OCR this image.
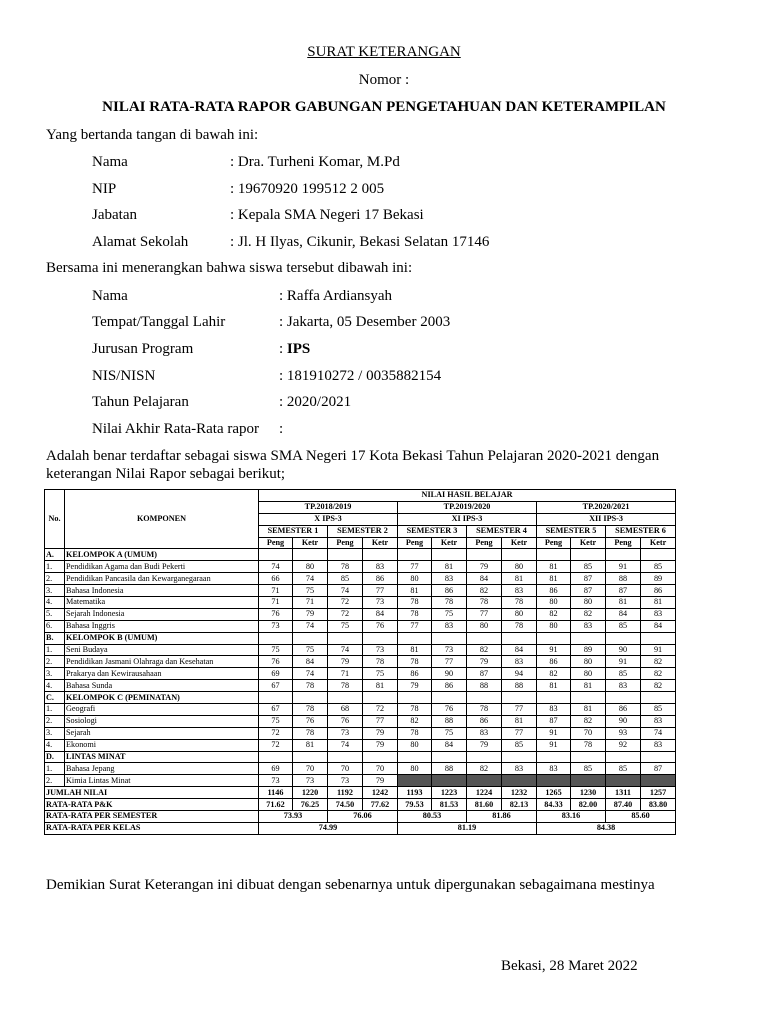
SURAT KETERANGAN
Nomor :
NILAI RATA-RATA RAPOR GABUNGAN PENGETAHUAN DAN KETERAMPILAN
Yang bertanda tangan di bawah ini:
Nama	: Dra. Turheni Komar, M.Pd
NIP	: 19670920 199512 2 005
Jabatan	: Kepala SMA Negeri 17 Bekasi
Alamat Sekolah	: Jl. H Ilyas, Cikunir, Bekasi Selatan 17146
Bersama ini menerangkan bahwa siswa tersebut dibawah ini:
Nama	: Raffa Ardiansyah
Tempat/Tanggal Lahir	: Jakarta, 05 Desember 2003
Jurusan Program	: IPS
NIS/NISN	: 181910272 / 0035882154
Tahun Pelajaran	: 2020/2021
Nilai Akhir Rata-Rata rapor :
Adalah benar terdaftar sebagai siswa SMA Negeri 17 Kota Bekasi Tahun Pelajaran 2020-2021 dengan
keterangan Nilai Rapor sebagai berikut;
No.	KOMPONEN	NILAI HASIL BELAJAR											
		TP.2018/2019				TP.2019/2020				TP.2020/2021			
		X IPS-3				XI IPS-3				XII IPS-3			
		SEMESTER 1		SEMESTER 2		SEMESTER 3		SEMESTER 4		SEMESTER 5		SEMESTER 6	
		Peng	Ketr	Peng	Ketr	Peng	Ketr	Peng	Ketr	Peng	Ketr	Peng	Ketr
A.	KELOMPOK A (UMUM)												
1.	Pendidikan Agama dan Budi Pekerti	74	80	78	83	77	81	79	80	81	85	91	85
2.	Pendidikan Pancasila dan Kewarganegaraan	66	74	85	86	80	83	84	81	81	87	88	89
3.	Bahasa Indonesia	71	75	74	77	81	86	82	83	86	87	87	86
4.	Matematika	71	71	72	73	78	78	78	78	80	80	81	81
5.	Sejarah Indonesia	76	79	72	84	78	75	77	80	82	82	84	83
6.	Bahasa Inggris	73	74	75	76	77	83	80	78	80	83	85	84
B.	KELOMPOK B (UMUM)												
1.	Seni Budaya	75	75	74	73	81	73	82	84	91	89	90	91
2.	Pendidikan Jasmani Olahraga dan Kesehatan	76	84	79	78	78	77	79	83	86	80	91	82
3.	Prakarya dan Kewirausahaan	69	74	71	75	86	90	87	94	82	80	85	82
4.	Bahasa Sunda	67	78	78	81	79	86	88	88	81	81	83	82
C.	KELOMPOK C (PEMINATAN)												
1.	Geografi	67	78	68	72	78	76	78	77	83	81	86	85
2.	Sosiologi	75	76	76	77	82	88	86	81	87	82	90	83
3.	Sejarah	72	78	73	79	78	75	83	77	91	70	93	74
4.	Ekonomi	72	81	74	79	80	84	79	85	91	78	92	83
D.	LINTAS MINAT												
1.	Bahasa Jepang	69	70	70	70	80	88	82	83	83	85	85	87
2.	Kimia Lintas Minat	73	73	73	79								
JUMLAH NILAI		1146	1220	1192	1242	1193	1223	1224	1232	1265	1230	1311	1257
RATA-RATA P&K		71.62	76.25	74.50	77.62	79.53	81.53	81.60	82.13	84.33	82.00	87.40	83.80
RATA-RATA PER SEMESTER		73.93		76.06		80.53		81.86		83.16		85.60	
RATA-RATA PER KELAS		74.99				81.19				84.38			
Demikian Surat Keterangan ini dibuat dengan sebenarnya untuk dipergunakan sebagaimana mestinya
Bekasi, 28 Maret 2022
